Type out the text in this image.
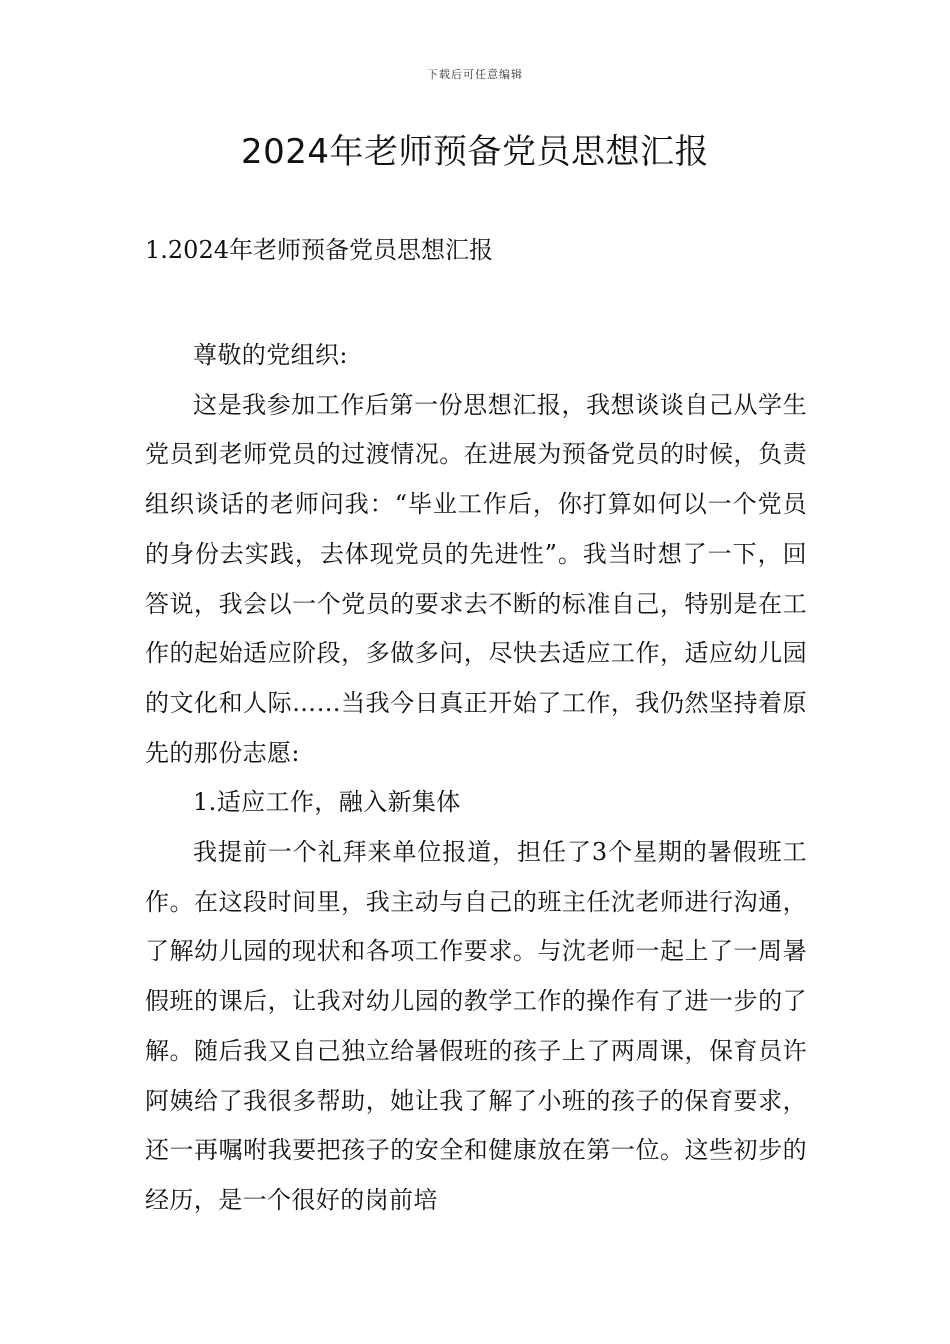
下载后可任意编辑
2024年老师预备党员思想汇报
1.2024年老师预备党员思想汇报

尊敬的党组织:

这是我参加工作后第一份思想汇报，我想谈谈自己从学生党员到老师党员的过渡情况。在进展为预备党员的时候，负责组织谈话的老师问我：“毕业工作后，你打算如何以一个党员的身份去实践，去体现党员的先进性”。我当时想了一下，回答说，我会以一个党员的要求去不断的标准自己，特别是在工作的起始适应阶段，多做多问，尽快去适应工作，适应幼儿园的文化和人际……当我今日真正开始了工作，我仍然坚持着原先的那份志愿:

1.适应工作，融入新集体

我提前一个礼拜来单位报道，担任了3个星期的暑假班工作。在这段时间里，我主动与自己的班主任沈老师进行沟通，了解幼儿园的现状和各项工作要求。与沈老师一起上了一周暑假班的课后，让我对幼儿园的教学工作的操作有了进一步的了解。随后我又自己独立给暑假班的孩子上了两周课，保育员许阿姨给了我很多帮助，她让我了解了小班的孩子的保育要求，还一再嘱咐我要把孩子的安全和健康放在第一位。这些初步的经历，是一个很好的岗前培
